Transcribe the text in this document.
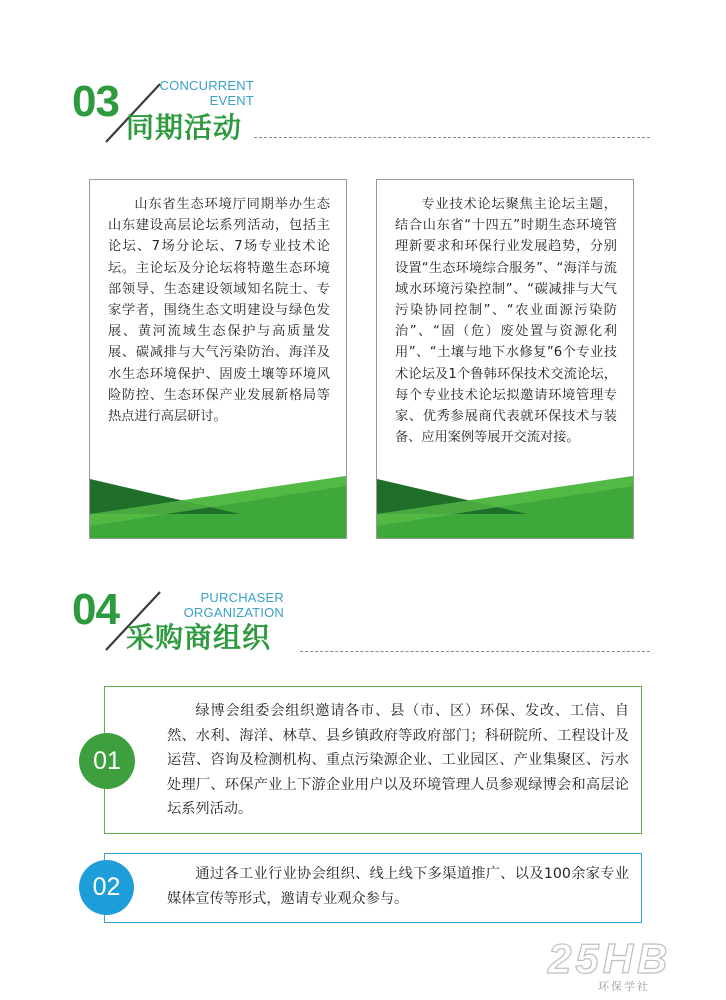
03	CONCURRENT
EVENT
同期活动
山东省生态环境厅同期举办生态山东建设高层论坛系列活动，包括主论坛、7场分论坛、7场专业技术论坛。主论坛及分论坛将特邀生态环境部领导、生态建设领域知名院士、专家学者，围绕生态文明建设与绿色发展、黄河流域生态保护与高质量发展、碳减排与大气污染防治、海洋及水生态环境保护、固废土壤等环境风险防控、生态环保产业发展新格局等热点进行高层研讨。
专业技术论坛聚焦主论坛主题，结合山东省“十四五”时期生态环境管理新要求和环保行业发展趋势，分别设置“生态环境综合服务”、“海洋与流域水环境污染控制”、“碳减排与大气污染协同控制”、“农业面源污染防治”、“固（危）废处置与资源化利用”、“土壤与地下水修复”6个专业技术论坛及1个鲁韩环保技术交流论坛，每个专业技术论坛拟邀请环境管理专家、优秀参展商代表就环保技术与装备、应用案例等展开交流对接。
04	PURCHASER
ORGANIZATION
采购商组织
绿博会组委会组织邀请各市、县（市、区）环保、发改、工信、自然、水利、海洋、林草、县乡镇政府等政府部门；科研院所、工程设计及运营、咨询及检测机构、重点污染源企业、工业园区、产业集聚区、污水处理厂、环保产业上下游企业用户以及环境管理人员参观绿博会和高层论坛系列活动。
01
通过各工业行业协会组织、线上线下多渠道推广、以及100余家专业媒体宣传等形式，邀请专业观众参与。
02
25HB
环保学社
